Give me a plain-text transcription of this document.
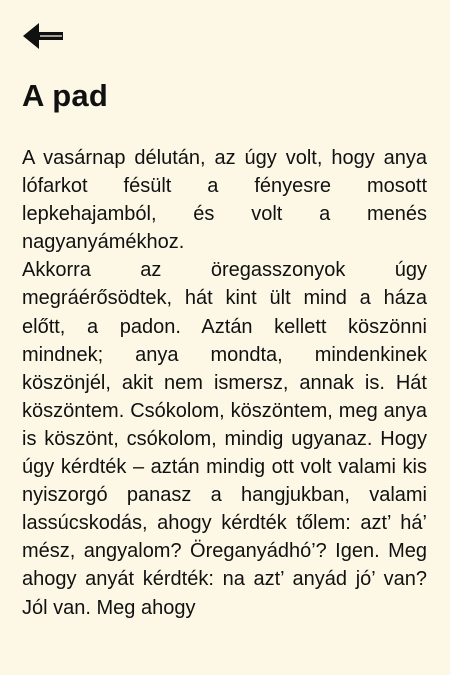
A pad

A vasárnap délután, az úgy volt, hogy anya lófarkot fésült a fényesre mosott lepkehajamból, és volt a menés nagyanyámékhoz.

Akkorra az öregasszonyok úgy megráérősödtek, hát kint ült mind a háza előtt, a padon. Aztán kellett köszönni mindnek; anya mondta, mindenkinek köszönjél, akit nem ismersz, annak is. Hát köszöntem. Csókolom, köszöntem, meg anya is köszönt, csókolom, mindig ugyanaz. Hogy úgy kérdték – aztán mindig ott volt valami kis nyiszorgó panasz a hangjukban, valami lassúcskodás, ahogy kérdték tőlem: azt’ há’ mész, angyalom? Öreganyádhó’? Igen. Meg ahogy anyát kérdték: na azt’ anyád jó’ van? Jól van. Meg ahogy
